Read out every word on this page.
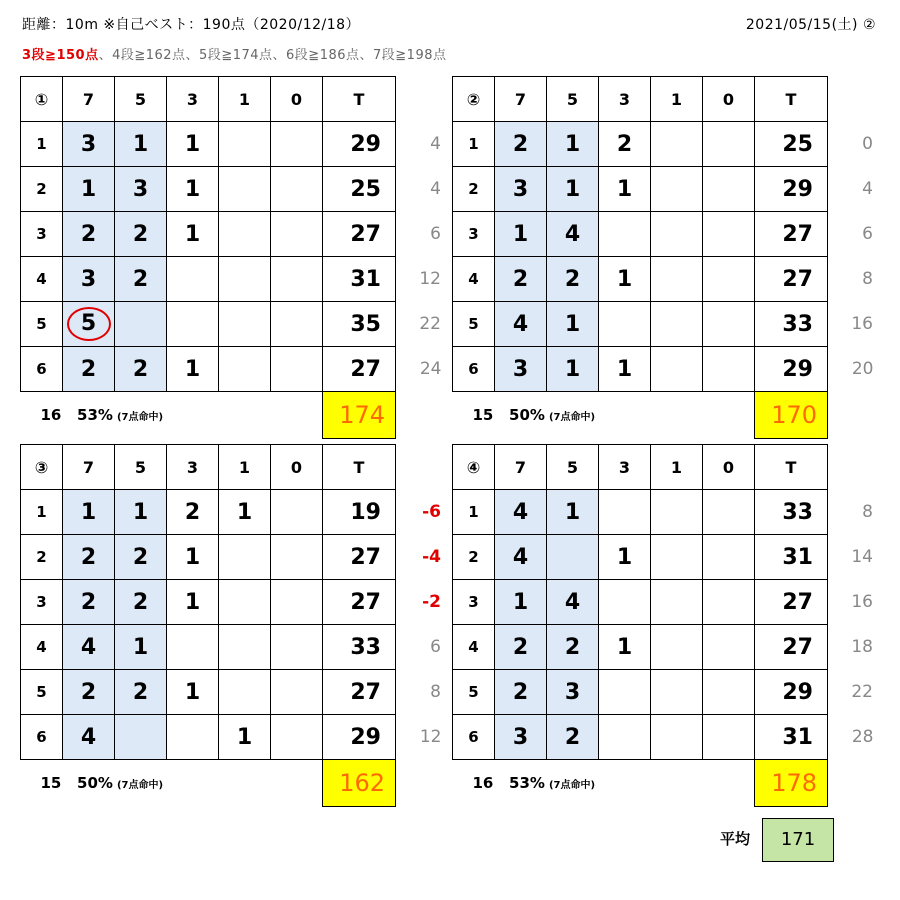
距離：10m ※自己ベスト：190点（2020/12/18）	2021/05/15(土) ②
3段≧150点、4段≧162点、5段≧174点、6段≧186点、7段≧198点
①	7	5	3	1	0	T	
1	3	1	1			29	4
2	1	3	1			25	4
3	2	2	1			27	6
4	3	2				31	12
5	5					35	22
6	2	2	1			27	24
16 53% (7点命中)						174	
②	7	5	3	1	0	T	
1	2	1	2			25	0
2	3	1	1			29	4
3	1	4				27	6
4	2	2	1			27	8
5	4	1				33	16
6	3	1	1			29	20
15 50% (7点命中)						170	
③	7	5	3	1	0	T	
1	1	1	2	1		19	-6
2	2	2	1			27	-4
3	2	2	1			27	-2
4	4	1				33	6
5	2	2	1			27	8
6	4			1		29	12
15 50% (7点命中)						162	
④	7	5	3	1	0	T	
1	4	1				33	8
2	4		1			31	14
3	1	4				27	16
4	2	2	1			27	18
5	2	3				29	22
6	3	2				31	28
16 53% (7点命中)						178	
平均	171
